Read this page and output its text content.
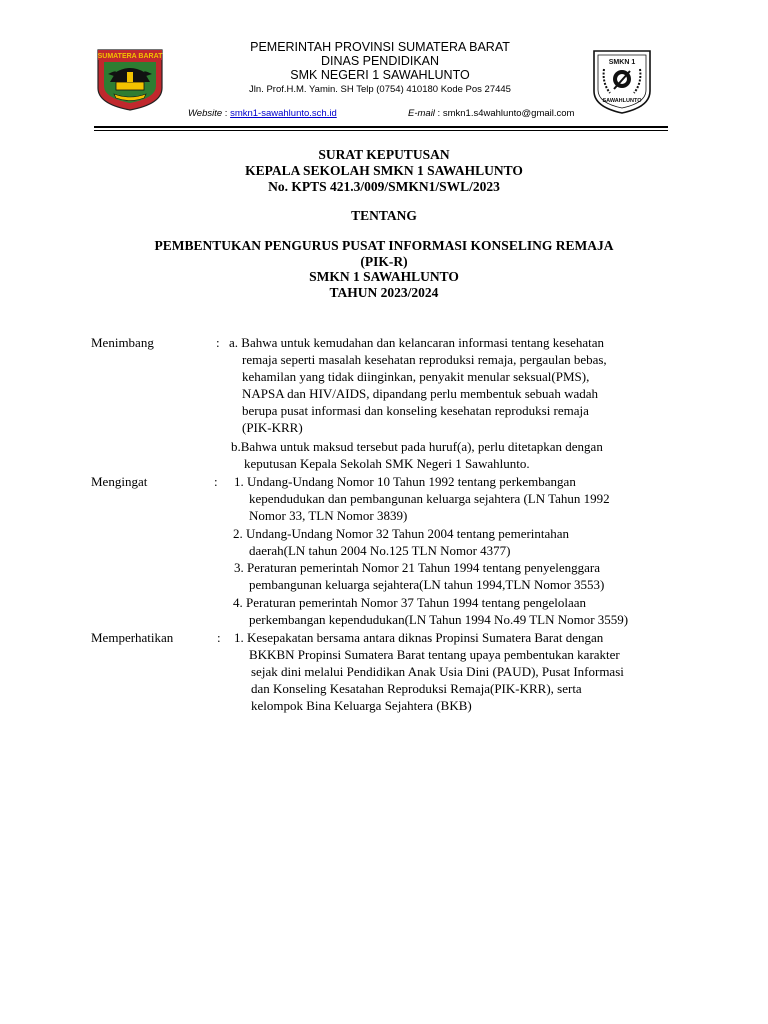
SUMATERA BARAT
SMKN 1
SAWAHLUNTO
PEMERINTAH PROVINSI SUMATERA BARAT
DINAS PENDIDIKAN
SMK NEGERI 1 SAWAHLUNTO
Jln. Prof.H.M. Yamin. SH Telp (0754) 410180 Kode Pos 27445
Website : smkn1-sawahlunto.sch.id	E-mail : smkn1.s4wahlunto@gmail.com
SURAT KEPUTUSAN
KEPALA SEKOLAH SMKN 1 SAWAHLUNTO
No. KPTS 421.3/009/SMKN1/SWL/2023
TENTANG
PEMBENTUKAN PENGURUS PUSAT INFORMASI KONSELING REMAJA
(PIK-R)
SMKN 1 SAWAHLUNTO
TAHUN 2023/2024
Menimbang	: a. Bahwa untuk kemudahan dan kelancaran informasi tentang kesehatan
remaja seperti masalah kesehatan reproduksi remaja, pergaulan bebas,
kehamilan yang tidak diinginkan, penyakit menular seksual(PMS),
NAPSA dan HIV/AIDS, dipandang perlu membentuk sebuah wadah
berupa pusat informasi dan konseling kesehatan reproduksi remaja
(PIK-KRR)
b.Bahwa untuk maksud tersebut pada huruf(a), perlu ditetapkan dengan
keputusan Kepala Sekolah SMK Negeri 1 Sawahlunto.
Mengingat	: 1. Undang-Undang Nomor 10 Tahun 1992 tentang perkembangan
kependudukan dan pembangunan keluarga sejahtera (LN Tahun 1992
Nomor 33, TLN Nomor 3839)
2. Undang-Undang Nomor 32 Tahun 2004 tentang pemerintahan
daerah(LN tahun 2004 No.125 TLN Nomor 4377)
3. Peraturan pemerintah Nomor 21 Tahun 1994 tentang penyelenggara
pembangunan keluarga sejahtera(LN tahun 1994,TLN Nomor 3553)
4. Peraturan pemerintah Nomor 37 Tahun 1994 tentang pengelolaan
perkembangan kependudukan(LN Tahun 1994 No.49 TLN Nomor 3559)
Memperhatikan	: 1. Kesepakatan bersama antara diknas Propinsi Sumatera Barat dengan
BKKBN Propinsi Sumatera Barat tentang upaya pembentukan karakter
sejak dini melalui Pendidikan Anak Usia Dini (PAUD), Pusat Informasi
dan Konseling Kesatahan Reproduksi Remaja(PIK-KRR), serta
kelompok Bina Keluarga Sejahtera (BKB)
